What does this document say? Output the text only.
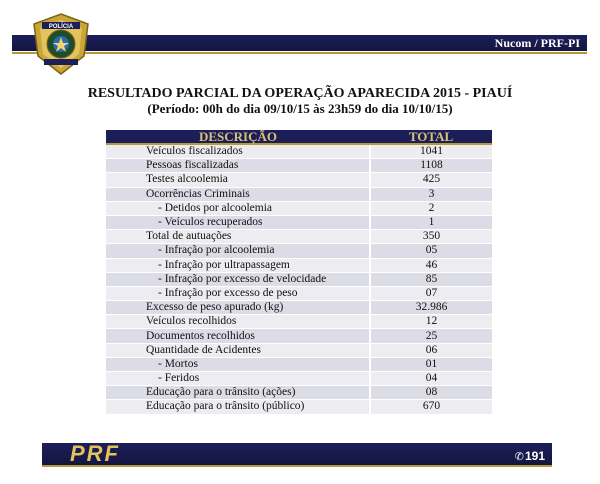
Nucom / PRF-PI
POLÍCIA
RESULTADO PARCIAL DA OPERAÇÃO APARECIDA 2015 - PIAUÍ
(Período: 00h do dia 09/10/15 às 23h59 do dia 10/10/15)
DESCRIÇÃO	TOTAL
Veículos fiscalizados	1041
Pessoas fiscalizadas	1108
Testes alcoolemia	425
Ocorrências Criminais	3
- Detidos por alcoolemia	2
- Veículos recuperados	1
Total de autuações	350
- Infração por alcoolemia	05
- Infração por ultrapassagem	46
- Infração por excesso de velocidade	85
- Infração por excesso de peso	07
Excesso de peso apurado (kg)	32.986
Veículos recolhidos	12
Documentos recolhidos	25
Quantidade de Acidentes	06
- Mortos	01
- Feridos	04
Educação para o trânsito (ações)	08
Educação para o trânsito (público)	670
PRF	✆191
